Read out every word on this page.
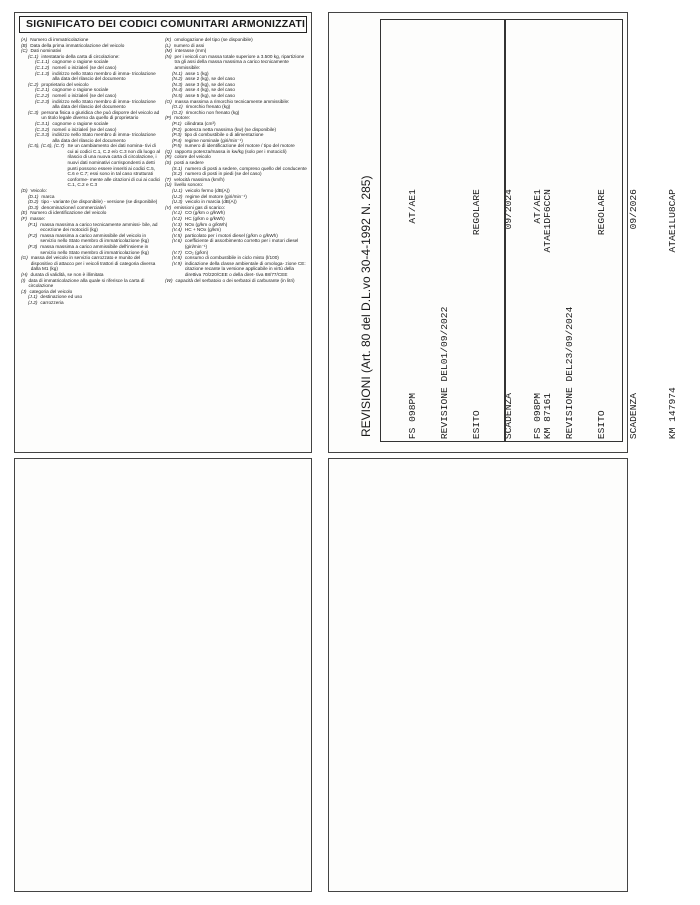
SIGNIFICATO DEI CODICI COMUNITARI ARMONIZZATI
(A) Numero di immatricolazione
(B) Data della prima immatricolazione del veicolo
(C) Dati nominativi
(C.1) intestatario della carta di circolazione:
(C.1.1) cognome o ragione sociale
(C.1.2) nome/i o iniziale/i (se del caso)
(C.1.3) indirizzo nello Stato membro di imma- tricolazione alla data del rilascio del documento
(C.2) proprietario del veicolo
(C.2.1) cognome o ragione sociale
(C.2.2) nome/i o iniziale/i (se del caso)
(C.2.3) indirizzo nello Stato membro di imma- tricolazione alla data del rilascio del documento
(C.3) persona fisica o giuridica che può disporre del veicolo ad un titolo legale diverso da quello di proprietario
(C.3.1) cognome o ragione sociale
(C.3.2) nome/i o iniziale/i (se del caso)
(C.3.3) indirizzo nello Stato membro di imma- tricolazione alla data del rilascio del documento
(C.5), (C.6), (C.7) Se un cambiamento dei dati nomina- tivi di cui ai codici C.1, C.2 e/o C.3 non dà luogo al rilascio di una nuova carta di circolazione, i nuovi dati nominativi corrispondenti a detti punti possono essere inseriti ai codici C.5, C.6 e C.7; essi sono in tal caso strutturati conforme- mente alle citazioni di cui ai codici C.1, C.2 e C.3
(D) Veicolo:
(D.1) marca
(D.2) tipo - variante (se disponibile) - versione (se disponibile)
(D.3) denominazione/i commerciale/i
(E) Numero di identificazione del veicolo
(F) masse:
(F.1) massa massima a carico tecnicamente ammissi- bile, ad eccezione dei motocicli (kg)
(F.2) massa massima a carico ammissibile del veicolo in servizio nello Stato membro di immatricolazione (kg)
(F.3) massa massima a carico ammissibile dell'insieme in servizio nello Stato membro di immatricolazione (kg)
(G) massa del veicolo in servizio carrozzato e munito del dispositivo di attacco per i veicoli trattori di categoria diversa dalla M1 (kg)
(H) durata di validità, se non è illimitata
(I) data di immatricolazione alla quale si riferisce la carta di circolazione
(J) categoria del veicolo
(J.1) destinazione ed uso
(J.2) carrozzeria
(K) omologazione del tipo (se disponibile)
(L) numero di assi
(M) interasse (mm)
(N) per i veicoli con massa totale superiore a 3.500 kg, ripartizione tra gli assi della massa massima a carico tecnicamente ammissibile:
(N.1) asse 1 (kg)
(N.2) asse 2 (kg), se del caso
(N.3) asse 3 (kg), se del caso
(N.4) asse 4 (kg), se del caso
(N.5) asse 5 (kg), se del caso
(O) massa massima a rimorchio tecnicamente ammissibile:
(O.1) rimorchio frenato (kg)
(O.2) rimorchio non frenato (kg)
(P) motore:
(P.1) cilindrata (cm³)
(P.2) potenza netta massima (kw) (se disponibile)
(P.3) tipo di combustibile o di alimentazione
(P.4) regime nominale (giri/min⁻¹)
(P.5) numero di identificazione del motore / tipo del motore
(Q) rapporto potenza/massa in kw/kg (solo per i motocicli)
(R) colore del veicolo
(S) posti a sedere
(S.1) numero di posti a sedere, compreso quello del conducente
(S.2) numero di posti in piedi (se del caso)
(T) velocità massima (km/h)
(U) livello sonoro:
(U.1) veicolo fermo (dB(A))
(U.2) regime del motore (giri/min⁻¹)
(U.3) veicolo in marcia (dB(A))
(V) emissioni gas di scarico:
(V.1) CO (g/km o g/kWh)
(V.2) HC (g/km o g/kWh)
(V.3) NOx (g/km o g/kWh)
(V.4) HC + NOx (g/km)
(V.5) particolato per i motori diesel (g/km o g/kWh)
(V.6) coefficiente di assorbimento corretto per i motori diesel (giri/min⁻¹)
(V.7) CO₂ (g/km)
(V.8) consumo di combustibile in ciclo misto (l/100)
(V.9) indicazione della classe ambientale di omologa- zione CE: citazione recante la versione applicabile in virtù della direttiva 70/220/CEE o della diret- tiva 88/77/CEE
(W) capacità del serbatoio o dei serbatoi di carburante (in litri)	REVISIONI (Art. 80 del D.L.vo 30-4-1992 N. 285)

	FS 098PM
AT/AE1

REVISIONE DEL01/09/2022

ESITO
REGOLARE

SCADENZA
09/2024

KM 87161
ATAE1DF6CCN

FS 098PM
AT/AE1

REVISIONE DEL23/09/2024

ESITO
REGOLARE

SCADENZA
09/2026

KM 147974
ATAE1LU8CAP
